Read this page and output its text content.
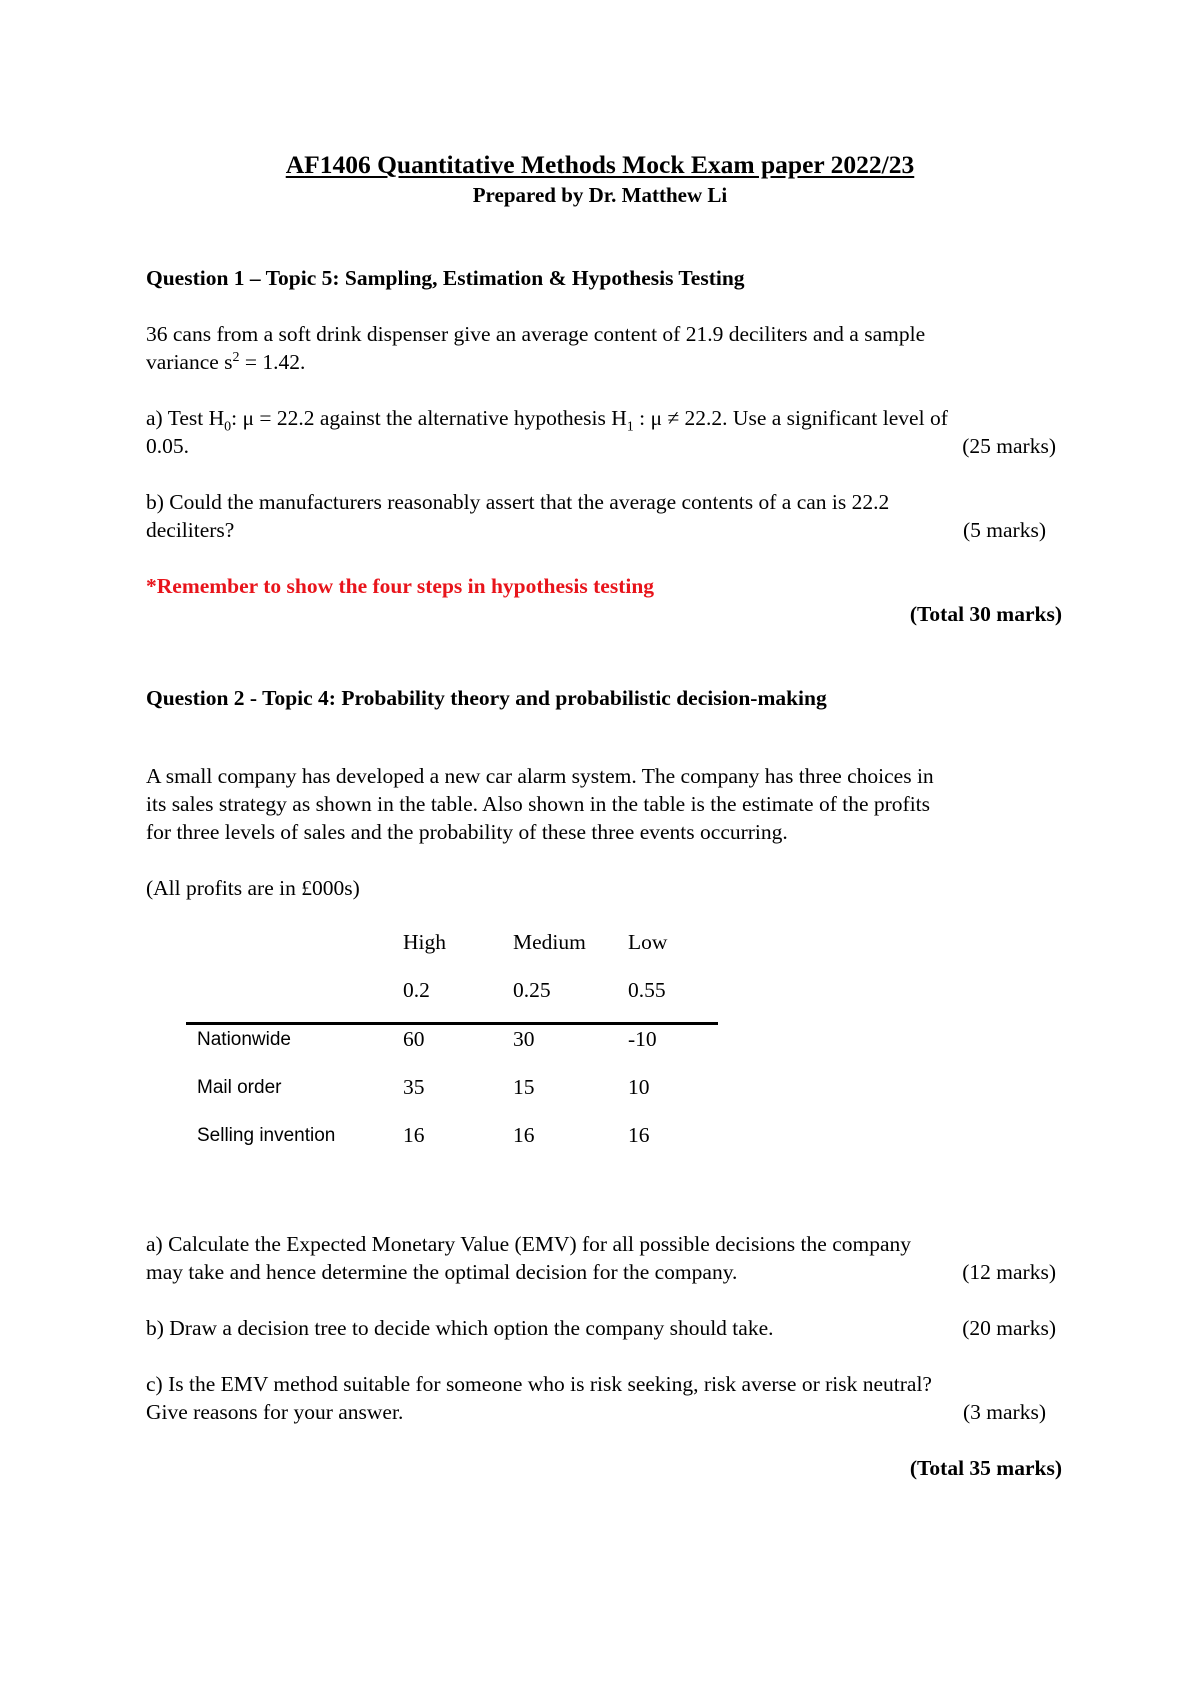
AF1406 Quantitative Methods Mock Exam paper 2022/23
Prepared by Dr. Matthew Li
Question 1 – Topic 5: Sampling, Estimation & Hypothesis Testing
36 cans from a soft drink dispenser give an average content of 21.9 deciliters and a sample
variance $s^2 = 1.42$.
a) Test $H_0$: μ = 22.2 against the alternative hypothesis $H_1$ : μ ≠ 22.2. Use a significant level of
0.05.	(25 marks)
b) Could the manufacturers reasonably assert that the average contents of a can is 22.2
deciliters?	(5 marks)
*Remember to show the four steps in hypothesis testing
(Total 30 marks)
Question 2 - Topic 4: Probability theory and probabilistic decision-making
A small company has developed a new car alarm system. The company has three choices in
its sales strategy as shown in the table. Also shown in the table is the estimate of the profits
for three levels of sales and the probability of these three events occurring.
(All profits are in £000s)
High	Medium Low
0.2	0.25	0.55
Nationwide	60	30	-10
Mail order	35	15	10
Selling invention	16	16	16
a) Calculate the Expected Monetary Value (EMV) for all possible decisions the company
may take and hence determine the optimal decision for the company.	(12 marks)
b) Draw a decision tree to decide which option the company should take.	(20 marks)
c) Is the EMV method suitable for someone who is risk seeking, risk averse or risk neutral?
Give reasons for your answer.	(3 marks)
(Total 35 marks)
